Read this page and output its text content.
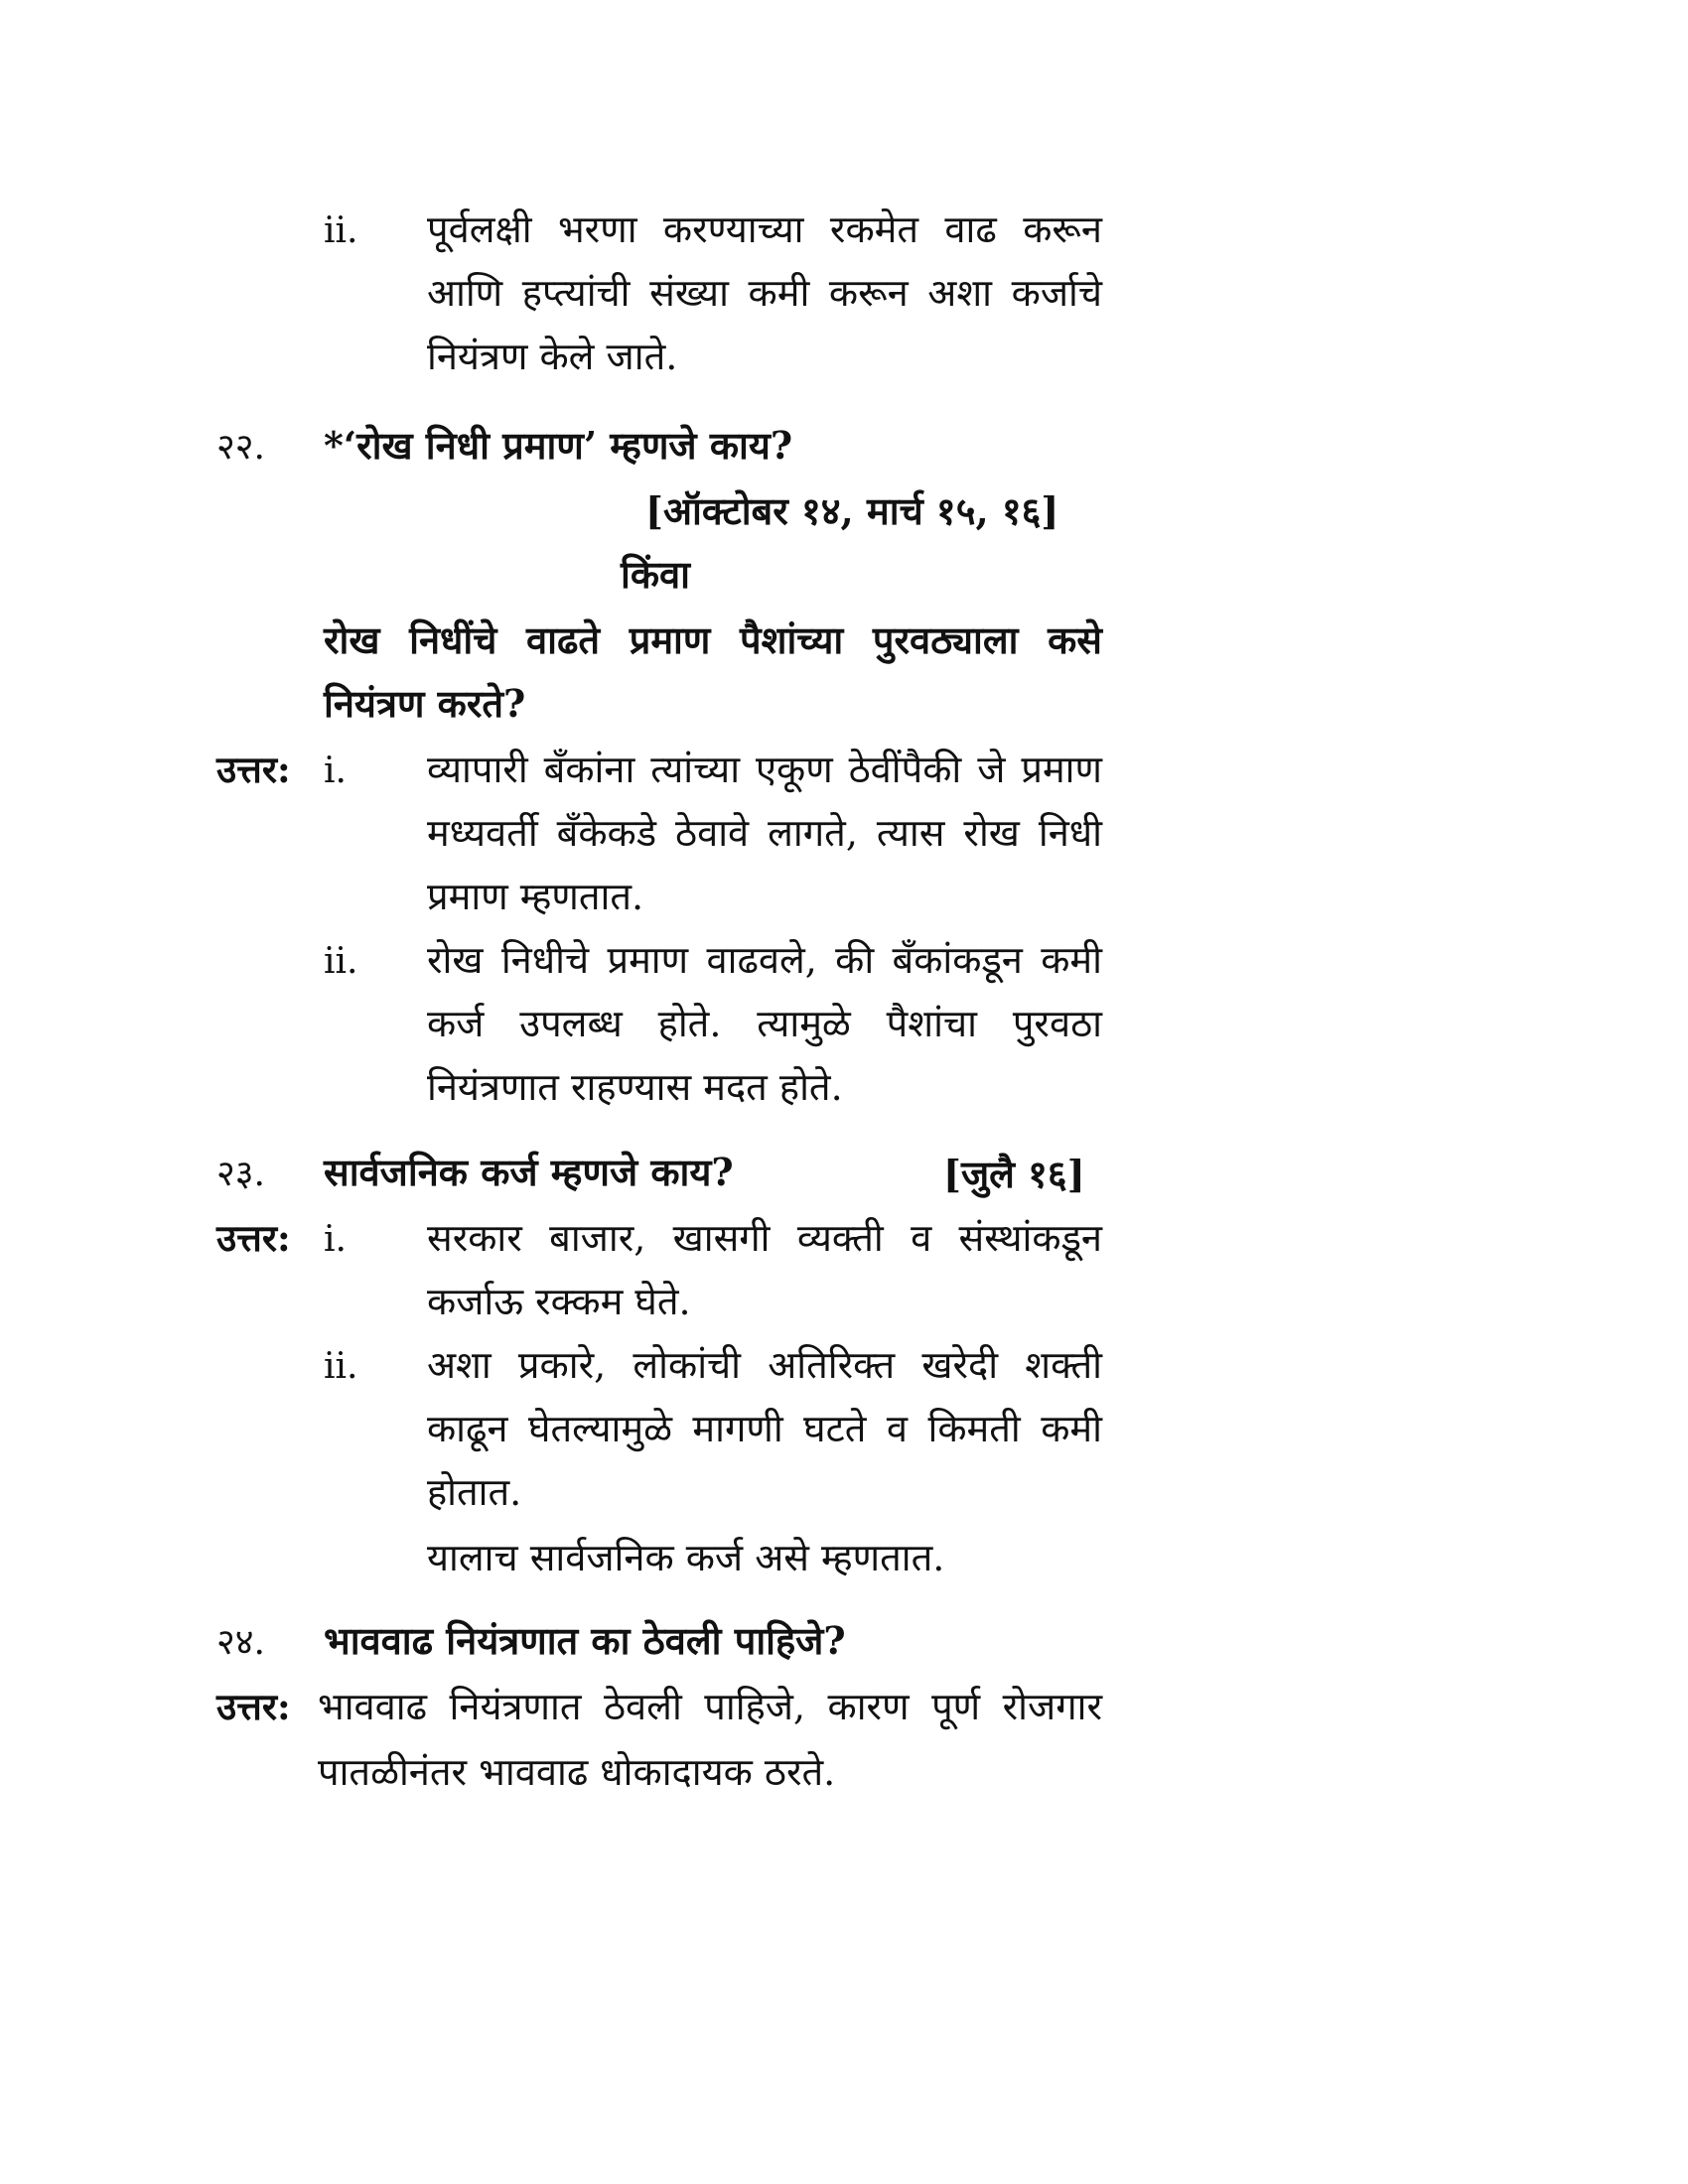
ii. पूर्वलक्षी भरणा करण्याच्या रकमेत वाढ करून
आणि हप्त्यांची संख्या कमी करून अशा कर्जाचे
नियंत्रण केले जाते.
२२. *‘रोख निधी प्रमाण’ म्हणजे काय?
[ऑक्टोबर १४, मार्च १५, १६]
किंवा
रोख निधींचे वाढते प्रमाण पैशांच्या पुरवठ्याला कसे
नियंत्रण करते?
उत्तर: i. व्यापारी बँकांना त्यांच्या एकूण ठेवींपैकी जे प्रमाण
मध्यवर्ती बँकेकडे ठेवावे लागते, त्यास रोख निधी
प्रमाण म्हणतात.
ii. रोख निधीचे प्रमाण वाढवले, की बँकांकडून कमी
कर्ज उपलब्ध होते. त्यामुळे पैशांचा पुरवठा
नियंत्रणात राहण्यास मदत होते.
२३. सार्वजनिक कर्ज म्हणजे काय?	[जुलै १६]
उत्तर: i. सरकार बाजार, खासगी व्यक्ती व संस्थांकडून
कर्जाऊ रक्कम घेते.
ii. अशा प्रकारे, लोकांची अतिरिक्त खरेदी शक्ती
काढून घेतल्यामुळे मागणी घटते व किमती कमी
होतात.
यालाच सार्वजनिक कर्ज असे म्हणतात.
२४. भाववाढ नियंत्रणात का ठेवली पाहिजे?
उत्तर: भाववाढ नियंत्रणात ठेवली पाहिजे, कारण पूर्ण रोजगार
पातळीनंतर भाववाढ धोकादायक ठरते.
